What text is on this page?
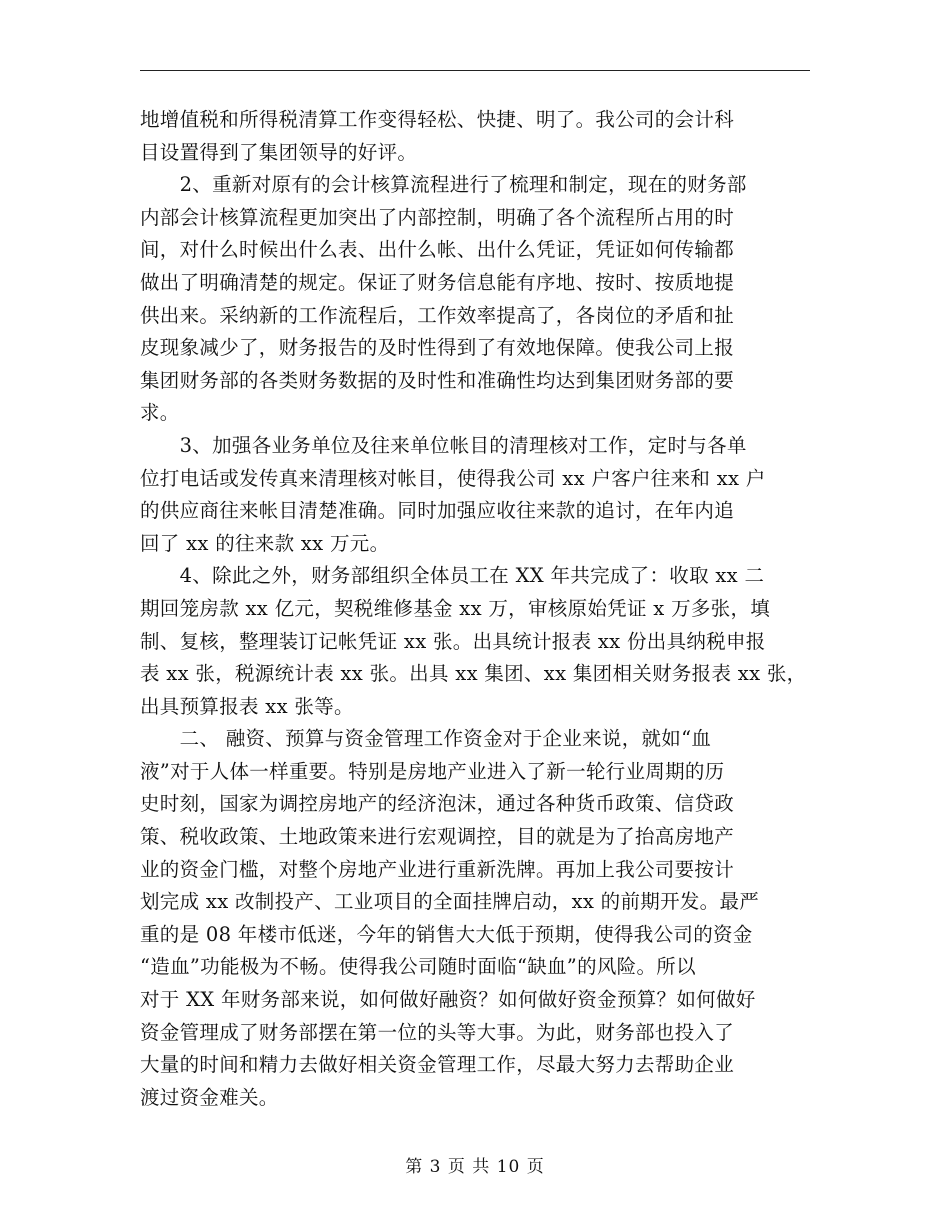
地增值税和所得税清算工作变得轻松、快捷、明了。我公司的会计科
目设置得到了集团领导的好评。
　　2、重新对原有的会计核算流程进行了梳理和制定，现在的财务部
内部会计核算流程更加突出了内部控制，明确了各个流程所占用的时
间，对什么时候出什么表、出什么帐、出什么凭证，凭证如何传输都
做出了明确清楚的规定。保证了财务信息能有序地、按时、按质地提
供出来。采纳新的工作流程后，工作效率提高了，各岗位的矛盾和扯
皮现象减少了，财务报告的及时性得到了有效地保障。使我公司上报
集团财务部的各类财务数据的及时性和准确性均达到集团财务部的要
求。
　　3、加强各业务单位及往来单位帐目的清理核对工作，定时与各单
位打电话或发传真来清理核对帐目，使得我公司 xx 户客户往来和 xx 户
的供应商往来帐目清楚准确。同时加强应收往来款的追讨，在年内追
回了 xx 的往来款 xx 万元。
　　4、除此之外，财务部组织全体员工在 XX 年共完成了：收取 xx 二
期回笼房款 xx 亿元，契税维修基金 xx 万，审核原始凭证 x 万多张，填
制、复核，整理装订记帐凭证 xx 张。出具统计报表 xx 份出具纳税申报
表 xx 张，税源统计表 xx 张。出具 xx 集团、xx 集团相关财务报表 xx 张，
出具预算报表 xx 张等。
　　二、 融资、预算与资金管理工作资金对于企业来说，就如“血
液”对于人体一样重要。特别是房地产业进入了新一轮行业周期的历
史时刻，国家为调控房地产的经济泡沫，通过各种货币政策、信贷政
策、税收政策、土地政策来进行宏观调控，目的就是为了抬高房地产
业的资金门槛，对整个房地产业进行重新洗牌。再加上我公司要按计
划完成 xx 改制投产、工业项目的全面挂牌启动，xx 的前期开发。最严
重的是 08 年楼市低迷，今年的销售大大低于预期，使得我公司的资金
“造血”功能极为不畅。使得我公司随时面临“缺血”的风险。所以
对于 XX 年财务部来说，如何做好融资？如何做好资金预算？如何做好
资金管理成了财务部摆在第一位的头等大事。为此，财务部也投入了
大量的时间和精力去做好相关资金管理工作，尽最大努力去帮助企业
渡过资金难关。
第 3 页 共 10 页
